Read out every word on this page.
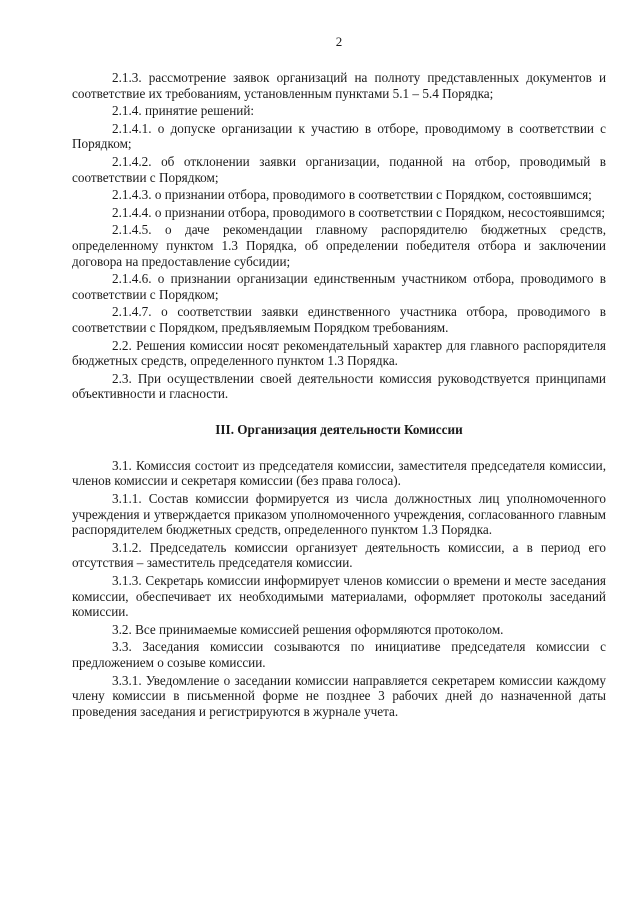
2

2.1.3. рассмотрение заявок организаций на полноту представленных документов и соответствие их требованиям, установленным пунктами 5.1 – 5.4 Порядка;

2.1.4. принятие решений:

2.1.4.1. о допуске организации к участию в отборе, проводимому в соответствии с Порядком;

2.1.4.2. об отклонении заявки организации, поданной на отбор, проводимый в соответствии с Порядком;

2.1.4.3. о признании отбора, проводимого в соответствии с Порядком, состоявшимся;

2.1.4.4. о признании отбора, проводимого в соответствии с Порядком, несостоявшимся;

2.1.4.5. о даче рекомендации главному распорядителю бюджетных средств, определенному пунктом 1.3 Порядка, об определении победителя отбора и заключении договора на предоставление субсидии;

2.1.4.6. о признании организации единственным участником отбора, проводимого в соответствии с Порядком;

2.1.4.7. о соответствии заявки единственного участника отбора, проводимого в соответствии с Порядком, предъявляемым Порядком требованиям.

2.2. Решения комиссии носят рекомендательный характер для главного распорядителя бюджетных средств, определенного пунктом 1.3 Порядка.

2.3. При осуществлении своей деятельности комиссия руководствуется принципами объективности и гласности.

III. Организация деятельности Комиссии

3.1. Комиссия состоит из председателя комиссии, заместителя председателя комиссии, членов комиссии и секретаря комиссии (без права голоса).

3.1.1. Состав комиссии формируется из числа должностных лиц уполномоченного учреждения и утверждается приказом уполномоченного учреждения, согласованного главным распорядителем бюджетных средств, определенного пунктом 1.3 Порядка.

3.1.2. Председатель комиссии организует деятельность комиссии, а в период его отсутствия – заместитель председателя комиссии.

3.1.3. Секретарь комиссии информирует членов комиссии о времени и месте заседания комиссии, обеспечивает их необходимыми материалами, оформляет протоколы заседаний комиссии.

3.2. Все принимаемые комиссией решения оформляются протоколом.

3.3. Заседания комиссии созываются по инициативе председателя комиссии с предложением о созыве комиссии.

3.3.1. Уведомление о заседании комиссии направляется секретарем комиссии каждому члену комиссии в письменной форме не позднее 3 рабочих дней до назначенной даты проведения заседания и регистрируются в журнале учета.
